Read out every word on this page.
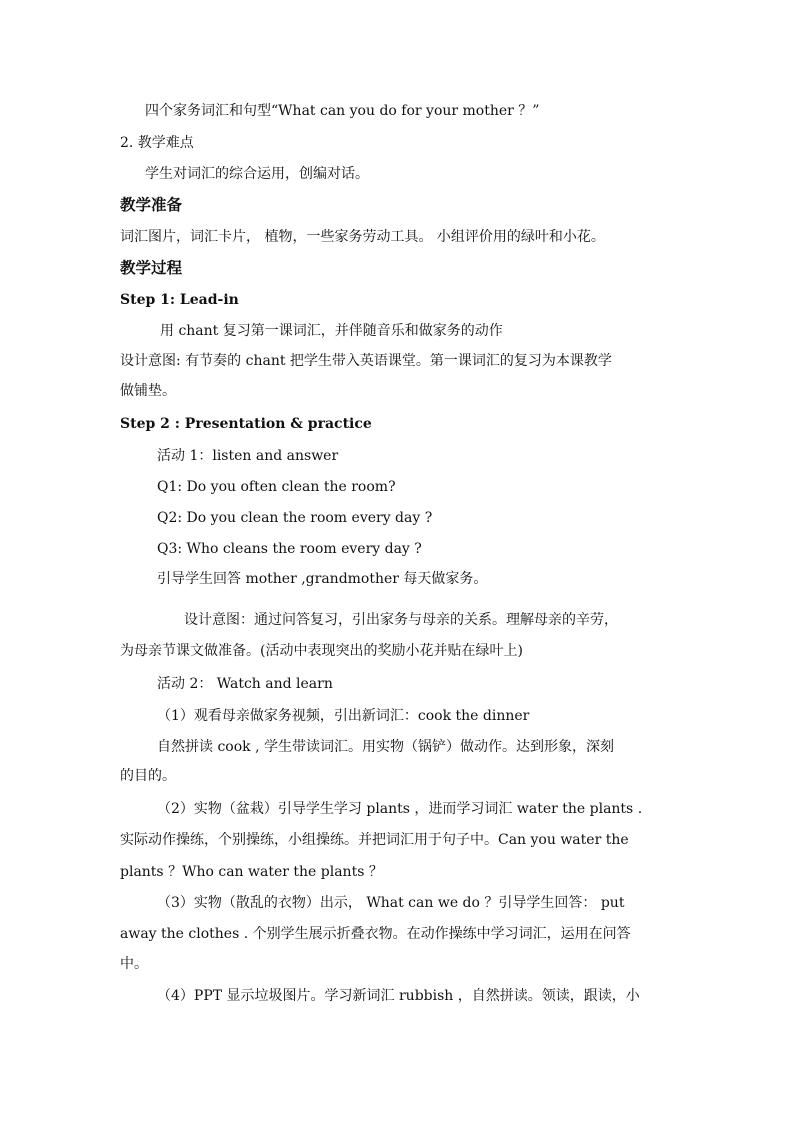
四个家务词汇和句型“What can you do for your mother ？”
2. 教学难点
学生对词汇的综合运用，创编对话。
教学准备
词汇图片，词汇卡片， 植物，一些家务劳动工具。 小组评价用的绿叶和小花。
教学过程
Step 1: Lead-in
用 chant 复习第一课词汇，并伴随音乐和做家务的动作
设计意图: 有节奏的 chant 把学生带入英语课堂。第一课词汇的复习为本课教学
做铺垫。
Step 2 : Presentation & practice
活动 1：listen and answer
Q1: Do you often clean the room?
Q2: Do you clean the room every day ?
Q3: Who cleans the room every day ?
引导学生回答 mother ,grandmother 每天做家务。
设计意图：通过问答复习，引出家务与母亲的关系。理解母亲的辛劳，
为母亲节课文做准备。(活动中表现突出的奖励小花并贴在绿叶上)
活动 2： Watch and learn
（1）观看母亲做家务视频，引出新词汇：cook the dinner
自然拼读 cook , 学生带读词汇。用实物（锅铲）做动作。达到形象，深刻
的目的。
（2）实物（盆栽）引导学生学习 plants ，进而学习词汇 water the plants .
实际动作操练，个别操练，小组操练。并把词汇用于句子中。Can you water the
plants ？Who can water the plants ？
（3）实物（散乱的衣物）出示， What can we do ？引导学生回答： put
away the clothes . 个别学生展示折叠衣物。在动作操练中学习词汇，运用在问答
中。
（4）PPT 显示垃圾图片。学习新词汇 rubbish ，自然拼读。领读，跟读，小
